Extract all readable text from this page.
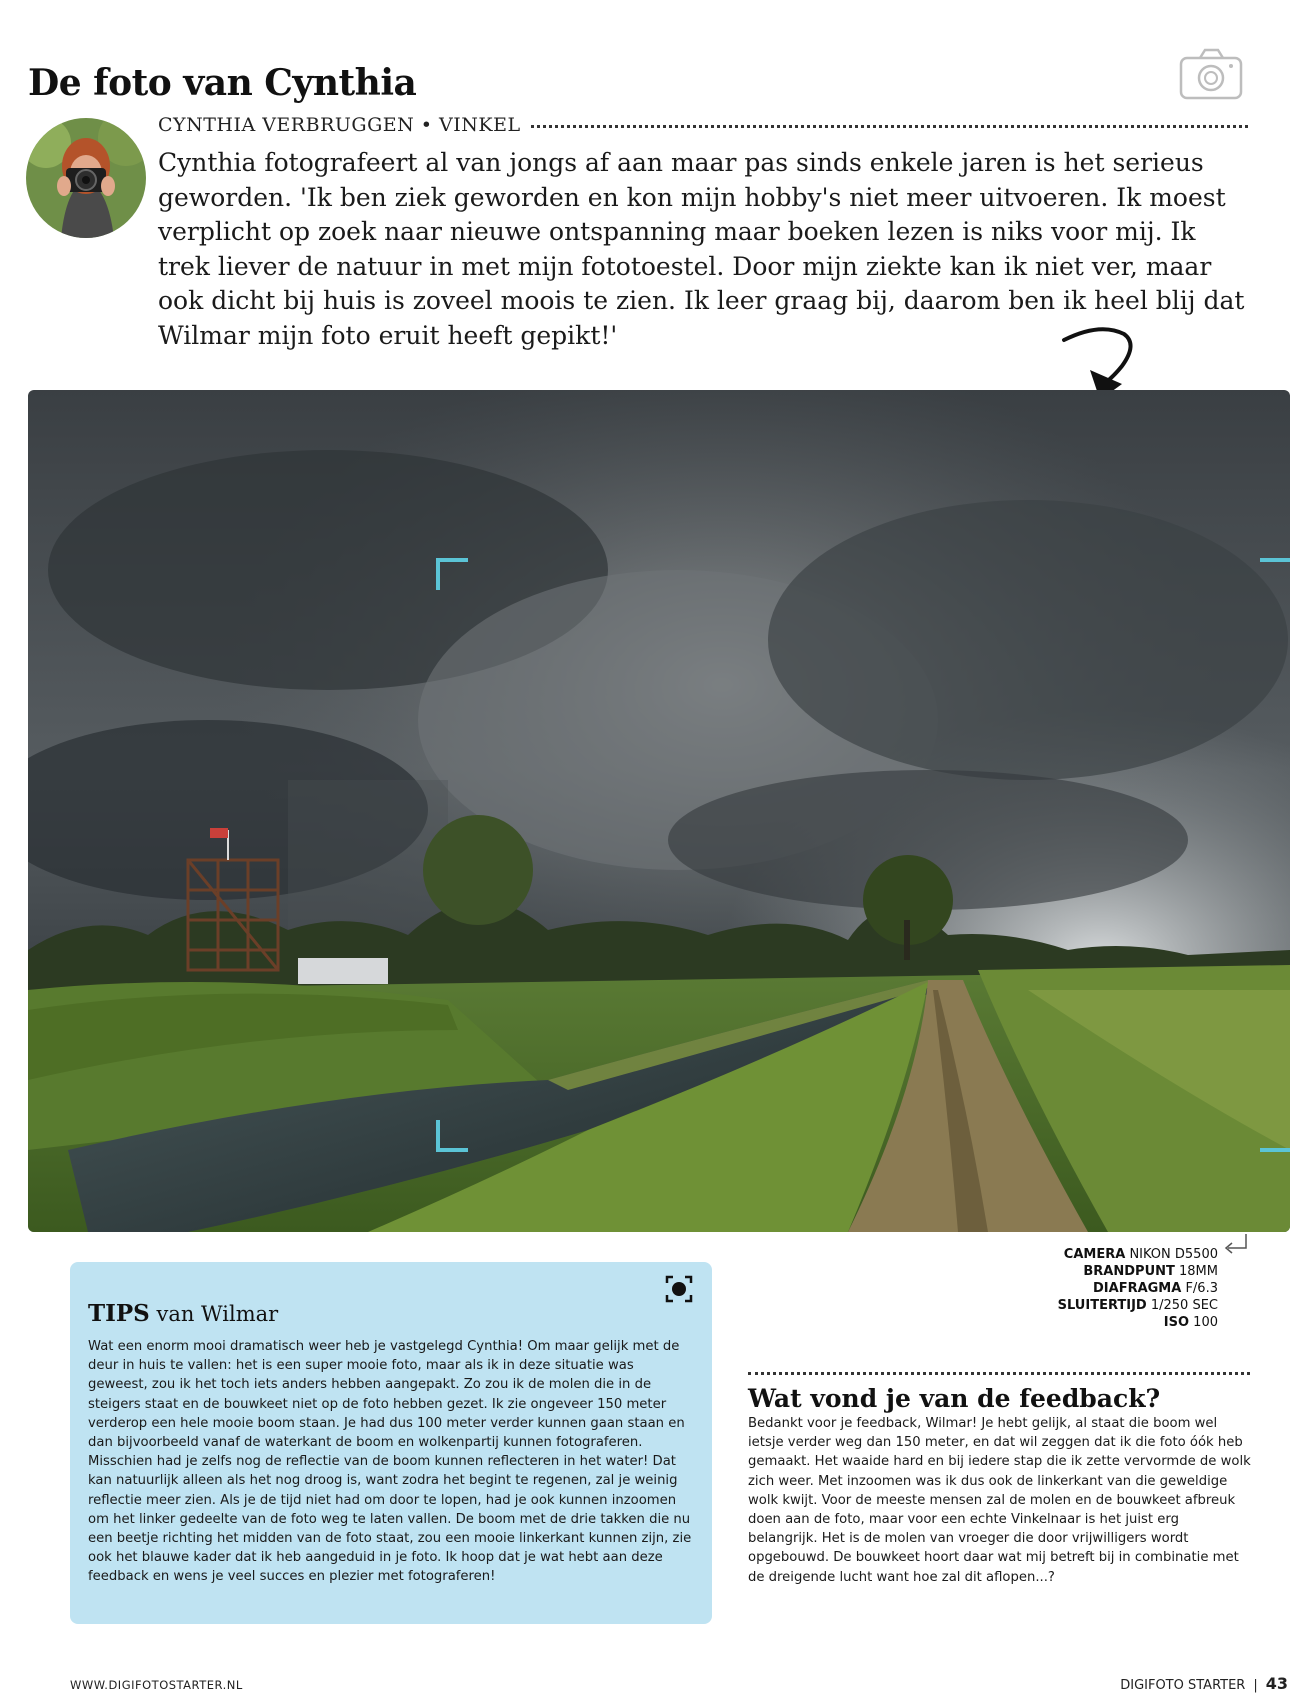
De foto van Cynthia
CYNTHIA VERBRUGGEN • VINKEL
Cynthia fotografeert al van jongs af aan maar pas sinds enkele jaren is het serieus geworden. 'Ik ben ziek geworden en kon mijn hobby's niet meer uitvoeren. Ik moest verplicht op zoek naar nieuwe ontspanning maar boeken lezen is niks voor mij. Ik trek liever de natuur in met mijn fototoestel. Door mijn ziekte kan ik niet ver, maar ook dicht bij huis is zoveel moois te zien. Ik leer graag bij, daarom ben ik heel blij dat Wilmar mijn foto eruit heeft gepikt!'
CAMERA NIKON D5500
BRANDPUNT 18MM
DIAFRAGMA F/6.3
SLUITERTIJD 1/250 SEC
ISO 100
TIPS van Wilmar
Wat een enorm mooi dramatisch weer heb je vastgelegd Cynthia! Om maar gelijk met de deur in huis te vallen: het is een super mooie foto, maar als ik in deze situatie was geweest, zou ik het toch iets anders hebben aangepakt. Zo zou ik de molen die in de steigers staat en de bouwkeet niet op de foto hebben gezet. Ik zie ongeveer 150 meter verderop een hele mooie boom staan. Je had dus 100 meter verder kunnen gaan staan en dan bijvoorbeeld vanaf de waterkant de boom en wolkenpartij kunnen fotograferen. Misschien had je zelfs nog de reflectie van de boom kunnen reflecteren in het water! Dat kan natuurlijk alleen als het nog droog is, want zodra het begint te regenen, zal je weinig reflectie meer zien. Als je de tijd niet had om door te lopen, had je ook kunnen inzoomen om het linker gedeelte van de foto weg te laten vallen. De boom met de drie takken die nu een beetje richting het midden van de foto staat, zou een mooie linkerkant kunnen zijn, zie ook het blauwe kader dat ik heb aangeduid in je foto. Ik hoop dat je wat hebt aan deze feedback en wens je veel succes en plezier met fotograferen!
Wat vond je van de feedback?
Bedankt voor je feedback, Wilmar! Je hebt gelijk, al staat die boom wel ietsje verder weg dan 150 meter, en dat wil zeggen dat ik die foto óók heb gemaakt. Het waaide hard en bij iedere stap die ik zette vervormde de wolk zich weer. Met inzoomen was ik dus ook de linkerkant van die geweldige wolk kwijt. Voor de meeste mensen zal de molen en de bouwkeet afbreuk doen aan de foto, maar voor een echte Vinkelnaar is het juist erg belangrijk. Het is de molen van vroeger die door vrijwilligers wordt opgebouwd. De bouwkeet hoort daar wat mij betreft bij in combinatie met de dreigende lucht want hoe zal dit aflopen...?
WWW.DIGIFOTOSTARTER.NL	DIGIFOTO STARTER | 43
